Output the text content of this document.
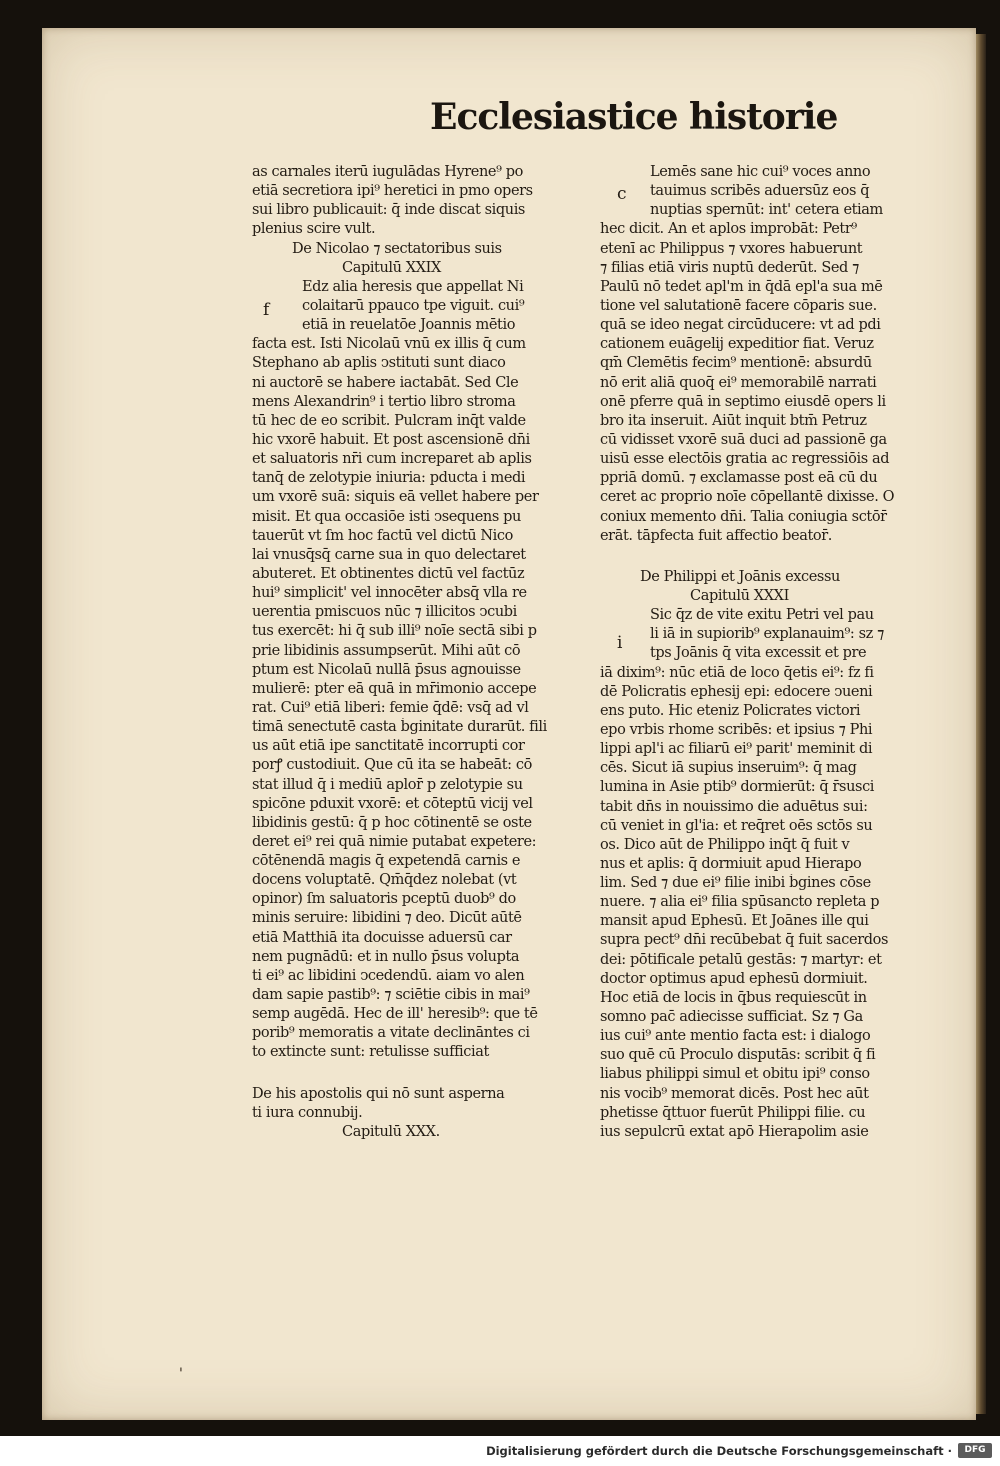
Ecclesiastice historie
c
f
i
as carnales iterū iugulādas Hyrene⁹ po
etiā secretiora ipi⁹ heretici in pmo opers
sui libro publicauit: q̄ inde discat siquis
plenius scire vult.
De Nicolao ⁊ sectatoribus suis
Capitulū XXIX
Edz alia heresis que appellat Ni
colaitarū ppauco tpe viguit. cui⁹
etiā in reuelatōe Joannis mētio
facta est. Isti Nicolaū vnū ex illis q̄ cum
Stephano ab aplis ↄstituti sunt diaco
ni auctorē se habere iactabāt. Sed Cle
mens Alexandrin⁹ i tertio libro stroma
tū hec de eo scribit. Pulcram inq̄t valde
hic vxorē habuit. Et post ascensionē dn̄i
et saluatoris nr̄i cum increparet ab aplis
tanq̄ de zelotypie iniuria: pducta i medi
um vxorē suā: siquis eā vellet habere per
misit. Et qua occasiōe isti ↄsequens pu
tauerūt vt ſm hoc factū vel dictū Nico
lai vnusq̄sq̄ carne sua in quo delectaret
abuteret. Et obtinentes dictū vel factūz
hui⁹ simplicit' vel innocēter absq̄ vlla re
uerentia pmiscuos nūc ⁊ illicitos ↄcubi
tus exercēt: hi q̄ sub illi⁹ noīe sectā sibi p
prie libidinis assumpserūt. Mihi aūt cō
ptum est Nicolaū nullā p̄sus agnouisse
mulierē: pter eā quā in mr̄imonio accepe
rat. Cui⁹ etiā liberi: femie q̄dē: vsq̄ ad vl
timā senectutē casta ḃginitate durarūt. fili
us aūt etiā ipe sanctitatē incorrupti cor
porꝭ custodiuit. Que cū ita se habeāt: cō
stat illud q̄ i mediū aplor̄ p zelotypie su
spicōne pduxit vxorē: et cōteptū vicij vel
libidinis gestū: q̄ p hoc cōtinentē se oste
deret ei⁹ rei quā nimie putabat expetere:
cōtēnendā magis q̄ expetendā carnis e
docens voluptatē. Qm̄q̄dez nolebat (vt
opinor) ſm saluatoris pceptū duob⁹ do
minis seruire: libidini ⁊ deo. Dicūt aūtē
etiā Matthiā ita docuisse aduersū car
nem pugnādū: et in nullo p̄sus volupta
ti ei⁹ ac libidini ↄcedendū. aiam vo alen
dam sapie pastib⁹: ⁊ sciētie cibis in mai⁹
semp augēdā. Hec de ill' heresib⁹: que tē
porib⁹ memoratis a vitate declināntes ci
to extincte sunt: retulisse sufficiat
De his apostolis qui nō sunt asperna
ti iura connubij.
Capitulū XXX.
Lemēs sane hic cui⁹ voces anno
tauimus scribēs aduersūz eos q̄
nuptias spernūt: int' cetera etiam
hec dicit. An et aplos improbāt: Petr⁹
etenī ac Philippus ⁊ vxores habuerunt
⁊ filias etiā viris nuptū dederūt. Sed ⁊
Paulū nō tedet apl'm in q̄dā epl'a sua mē
tione vel salutationē facere cōparis sue.
quā se ideo negat circūducere: vt ad pdi
cationem euāgelij expeditior fiat. Veruz
qm̄ Clemētis fecim⁹ mentionē: absurdū
nō erit aliā quoq̄ ei⁹ memorabilē narrati
onē pferre quā in septimo eiusdē opers li
bro ita inseruit. Aiūt inquit btm̄ Petruz
cū vidisset vxorē suā duci ad passionē ga
uisū esse electōis gratia ac regressiōis ad
ppriā domū. ⁊ exclamasse post eā cū du
ceret ac proprio noīe cōpellantē dixisse. O
coniux memento dn̄i. Talia coniugia sctōr̄
erāt. tāpfecta fuit affectio beator̄.
De Philippi et Joānis excessu
Capitulū XXXI
Sic q̄z de vite exitu Petri vel pau
li iā in supiorib⁹ explanauim⁹: sz ⁊
tps Joānis q̄ vita excessit et pre
iā dixim⁹: nūc etiā de loco q̄etis ei⁹: fz fi
dē Policratis ephesij epi: edocere ↄueni
ens puto. Hic eteniz Policrates victori
epo vrbis rhome scribēs: et ipsius ⁊ Phi
lippi apl'i ac filiarū ei⁹ parit' meminit di
cēs. Sicut iā supius inseruim⁹: q̄ mag
lumina in Asie ptib⁹ dormierūt: q̄ r̄susci
tabit dn̄s in nouissimo die aduētus sui:
cū veniet in gl'ia: et req̄ret oēs sctōs su
os. Dico aūt de Philippo inq̄t q̄ fuit v
nus et aplis: q̄ dormiuit apud Hierapo
lim. Sed ⁊ due ei⁹ filie inibi ḃgines cōse
nuere. ⁊ alia ei⁹ filia spūsancto repleta p
mansit apud Ephesū. Et Joānes ille qui
supra pect⁹ dn̄i recūbebat q̄ fuit sacerdos
dei: pōtificale petalū gestās: ⁊ martyr: et
doctor optimus apud ephesū dormiuit.
Hoc etiā de locis in q̄bus requiescūt in
somno pac̄ adiecisse sufficiat. Sz ⁊ Ga
ius cui⁹ ante mentio facta est: i dialogo
suo quē cū Proculo disputās: scribit q̄ fi
liabus philippi simul et obitu ipi⁹ conso
nis vocib⁹ memorat dicēs. Post hec aūt
phetisse q̄ttuor fuerūt Philippi filie. cu
ius sepulcrū extat apō Hierapolim asie
'
Digitalisierung gefördert durch die Deutsche Forschungsgemeinschaft ·	DFG
